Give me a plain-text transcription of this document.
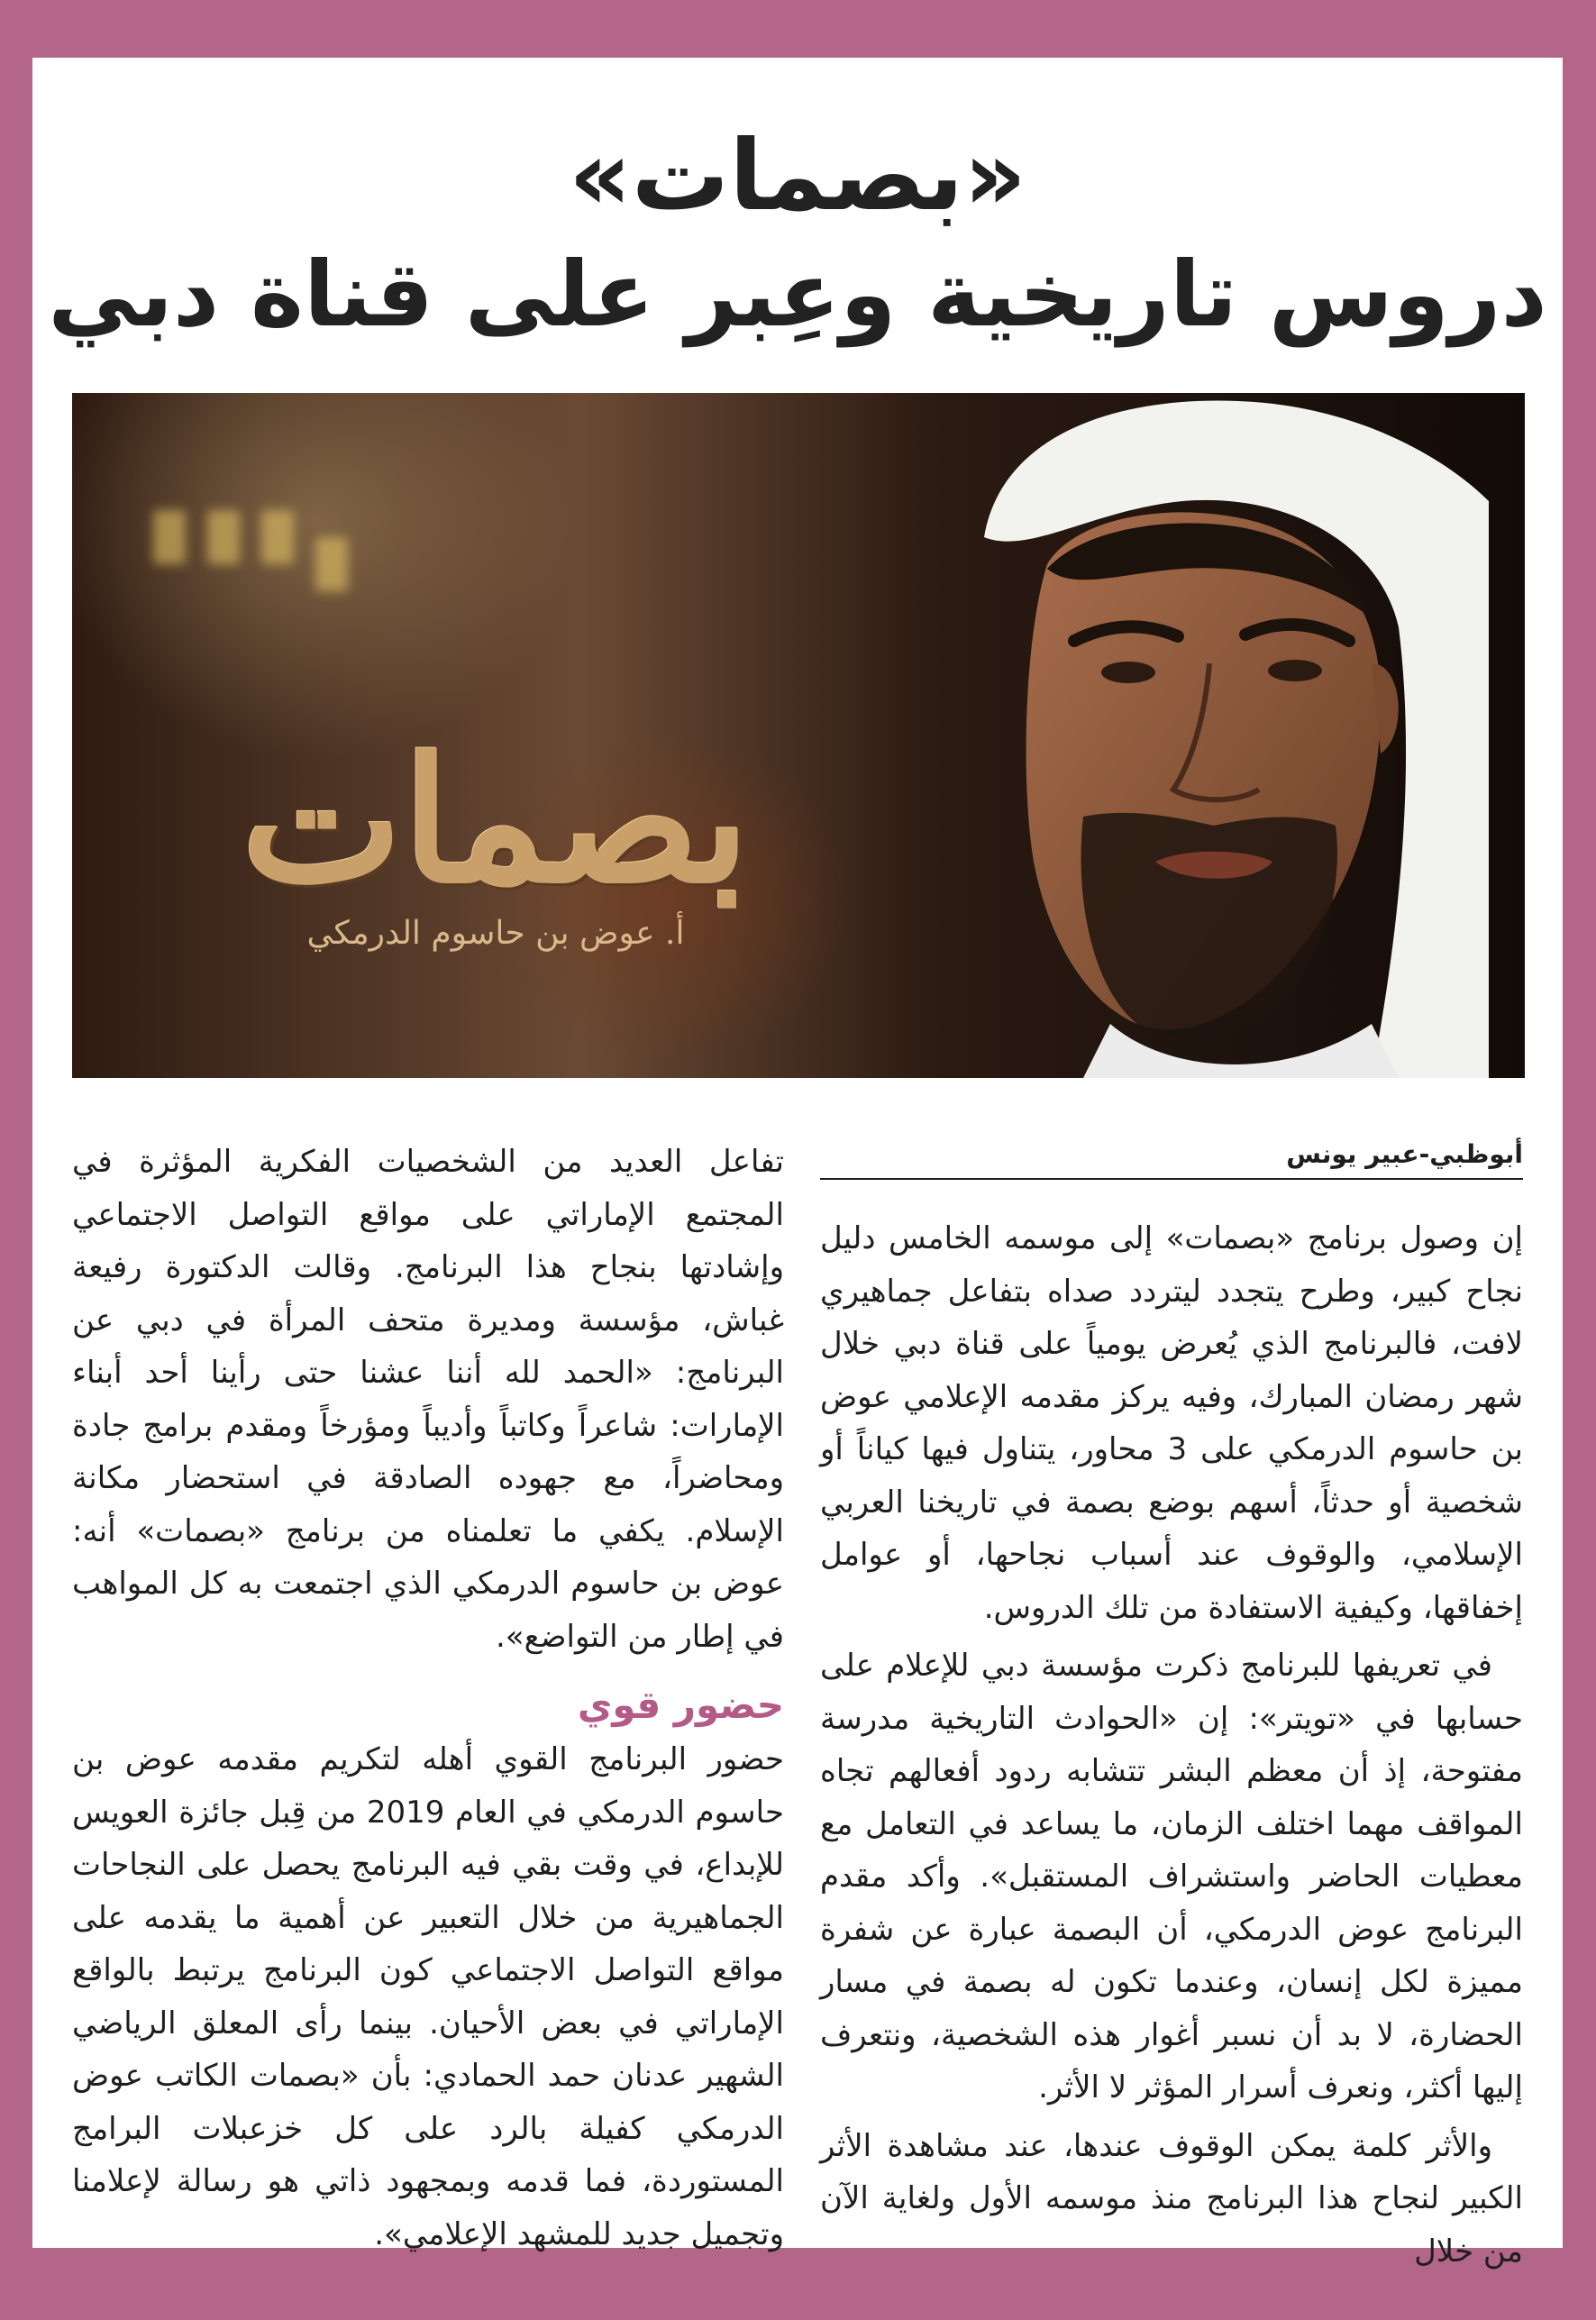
«بصمات»
دروس تاريخية وعِبر على قناة دبي
بصمات
أ. عوض بن حاسوم الدرمكي
أبوظبي-عبير يونس

إن وصول برنامج «بصمات» إلى موسمه الخامس دليل نجاح كبير، وطرح يتجدد ليتردد صداه بتفاعل جماهيري لافت، فالبرنامج الذي يُعرض يومياً على قناة دبي خلال شهر رمضان المبارك، وفيه يركز مقدمه الإعلامي عوض بن حاسوم الدرمكي على 3 محاور، يتناول فيها كياناً أو شخصية أو حدثاً، أسهم بوضع بصمة في تاريخنا العربي الإسلامي، والوقوف عند أسباب نجاحها، أو عوامل إخفاقها، وكيفية الاستفادة من تلك الدروس.

في تعريفها للبرنامج ذكرت مؤسسة دبي للإعلام على حسابها في «تويتر»: إن «الحوادث التاريخية مدرسة مفتوحة، إذ أن معظم البشر تتشابه ردود أفعالهم تجاه المواقف مهما اختلف الزمان، ما يساعد في التعامل مع معطيات الحاضر واستشراف المستقبل». وأكد مقدم البرنامج عوض الدرمكي، أن البصمة عبارة عن شفرة مميزة لكل إنسان، وعندما تكون له بصمة في مسار الحضارة، لا بد أن نسبر أغوار هذه الشخصية، ونتعرف إليها أكثر، ونعرف أسرار المؤثر لا الأثر.

والأثر كلمة يمكن الوقوف عندها، عند مشاهدة الأثر الكبير لنجاح هذا البرنامج منذ موسمه الأول ولغاية الآن من خلال

تفاعل العديد من الشخصيات الفكرية المؤثرة في المجتمع الإماراتي على مواقع التواصل الاجتماعي وإشادتها بنجاح هذا البرنامج. وقالت الدكتورة رفيعة غباش، مؤسسة ومديرة متحف المرأة في دبي عن البرنامج: «الحمد لله أننا عشنا حتى رأينا أحد أبناء الإمارات: شاعراً وكاتباً وأديباً ومؤرخاً ومقدم برامج جادة ومحاضراً، مع جهوده الصادقة في استحضار مكانة الإسلام. يكفي ما تعلمناه من برنامج «بصمات» أنه: عوض بن حاسوم الدرمكي الذي اجتمعت به كل المواهب في إطار من التواضع».

حضور قوي

حضور البرنامج القوي أهله لتكريم مقدمه عوض بن حاسوم الدرمكي في العام 2019 من قِبل جائزة العويس للإبداع، في وقت بقي فيه البرنامج يحصل على النجاحات الجماهيرية من خلال التعبير عن أهمية ما يقدمه على مواقع التواصل الاجتماعي كون البرنامج يرتبط بالواقع الإماراتي في بعض الأحيان. بينما رأى المعلق الرياضي الشهير عدنان حمد الحمادي: بأن «بصمات الكاتب عوض الدرمكي كفيلة بالرد على كل خزعبلات البرامج المستوردة، فما قدمه وبمجهود ذاتي هو رسالة لإعلامنا وتجميل جديد للمشهد الإعلامي».
